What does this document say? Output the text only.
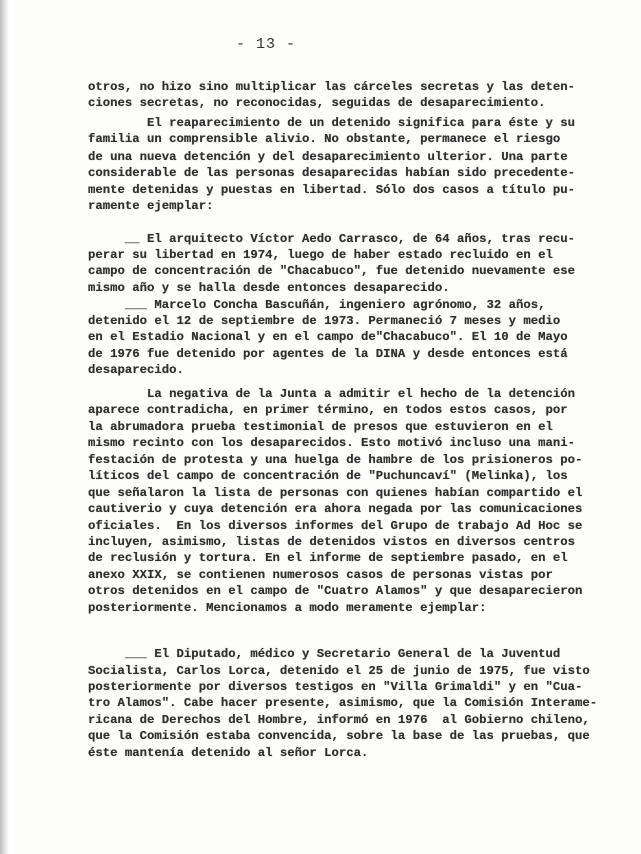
- 13 -
otros, no hizo sino multiplicar las cárceles secretas y las deten-
ciones secretas, no reconocidas, seguidas de desaparecimiento.
El reaparecimiento de un detenido significa para éste y su
familia un comprensible alivio. No obstante, permanece el riesgo
de una nueva detención y del desaparecimiento ulterior. Una parte
considerable de las personas desaparecidas habían sido precedente-
mente detenidas y puestas en libertad. Sólo dos casos a título pu-
ramente ejemplar:
__ El arquitecto Víctor Aedo Carrasco, de 64 años, tras recu-
perar su libertad en 1974, luego de haber estado recluido en el
campo de concentración de "Chacabuco", fue detenido nuevamente ese
mismo año y se halla desde entonces desaparecido.
___ Marcelo Concha Bascuñán, ingeniero agrónomo, 32 años,
detenido el 12 de septiembre de 1973. Permaneció 7 meses y medio
en el Estadio Nacional y en el campo de"Chacabuco". El 10 de Mayo
de 1976 fue detenido por agentes de la DINA y desde entonces está
desaparecido.
La negativa de la Junta a admitir el hecho de la detención
aparece contradicha, en primer término, en todos estos casos, por
la abrumadora prueba testimonial de presos que estuvieron en el
mismo recinto con los desaparecidos. Esto motivó incluso una mani-
festación de protesta y una huelga de hambre de los prisioneros po-
líticos del campo de concentración de "Puchuncaví" (Melinka), los
que señalaron la lista de personas con quienes habían compartido el
cautiverio y cuya detención era ahora negada por las comunicaciones
oficiales.  En los diversos informes del Grupo de trabajo Ad Hoc se
incluyen, asimismo, listas de detenidos vistos en diversos centros
de reclusión y tortura. En el informe de septiembre pasado, en el
anexo XXIX, se contienen numerosos casos de personas vistas por
otros detenidos en el campo de "Cuatro Alamos" y que desaparecieron
posteriormente. Mencionamos a modo meramente ejemplar:
___ El Diputado, médico y Secretario General de la Juventud
Socialista, Carlos Lorca, detenido el 25 de junio de 1975, fue visto
posteriormente por diversos testigos en "Villa Grimaldi" y en "Cua-
tro Alamos". Cabe hacer presente, asimismo, que la Comisión Interame-
ricana de Derechos del Hombre, informó en 1976  al Gobierno chileno,
que la Comisión estaba convencida, sobre la base de las pruebas, que
éste mantenía detenido al señor Lorca.
